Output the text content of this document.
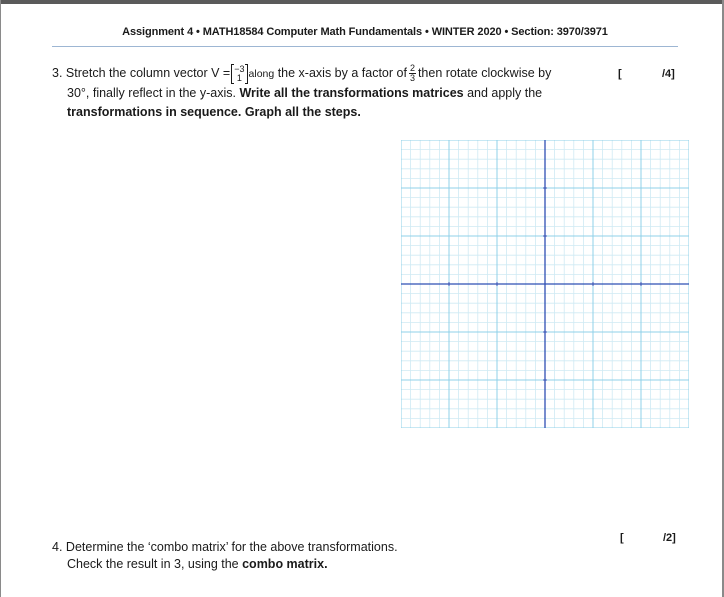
Assignment 4 • MATH18584 Computer Math Fundamentals • WINTER 2020 • Section: 3970/3971
3. Stretch the column vector V = −3
1 along the x-axis by a factor of $\frac{2}{3}$ then rotate clockwise by
30°, finally reflect in the y-axis. Write all the transformations matrices and apply the
transformations in sequence. Graph all the steps.
[	/4]
4. Determine the ‘combo matrix’ for the above transformations.
Check the result in 3, using the combo matrix.
[	/2]
